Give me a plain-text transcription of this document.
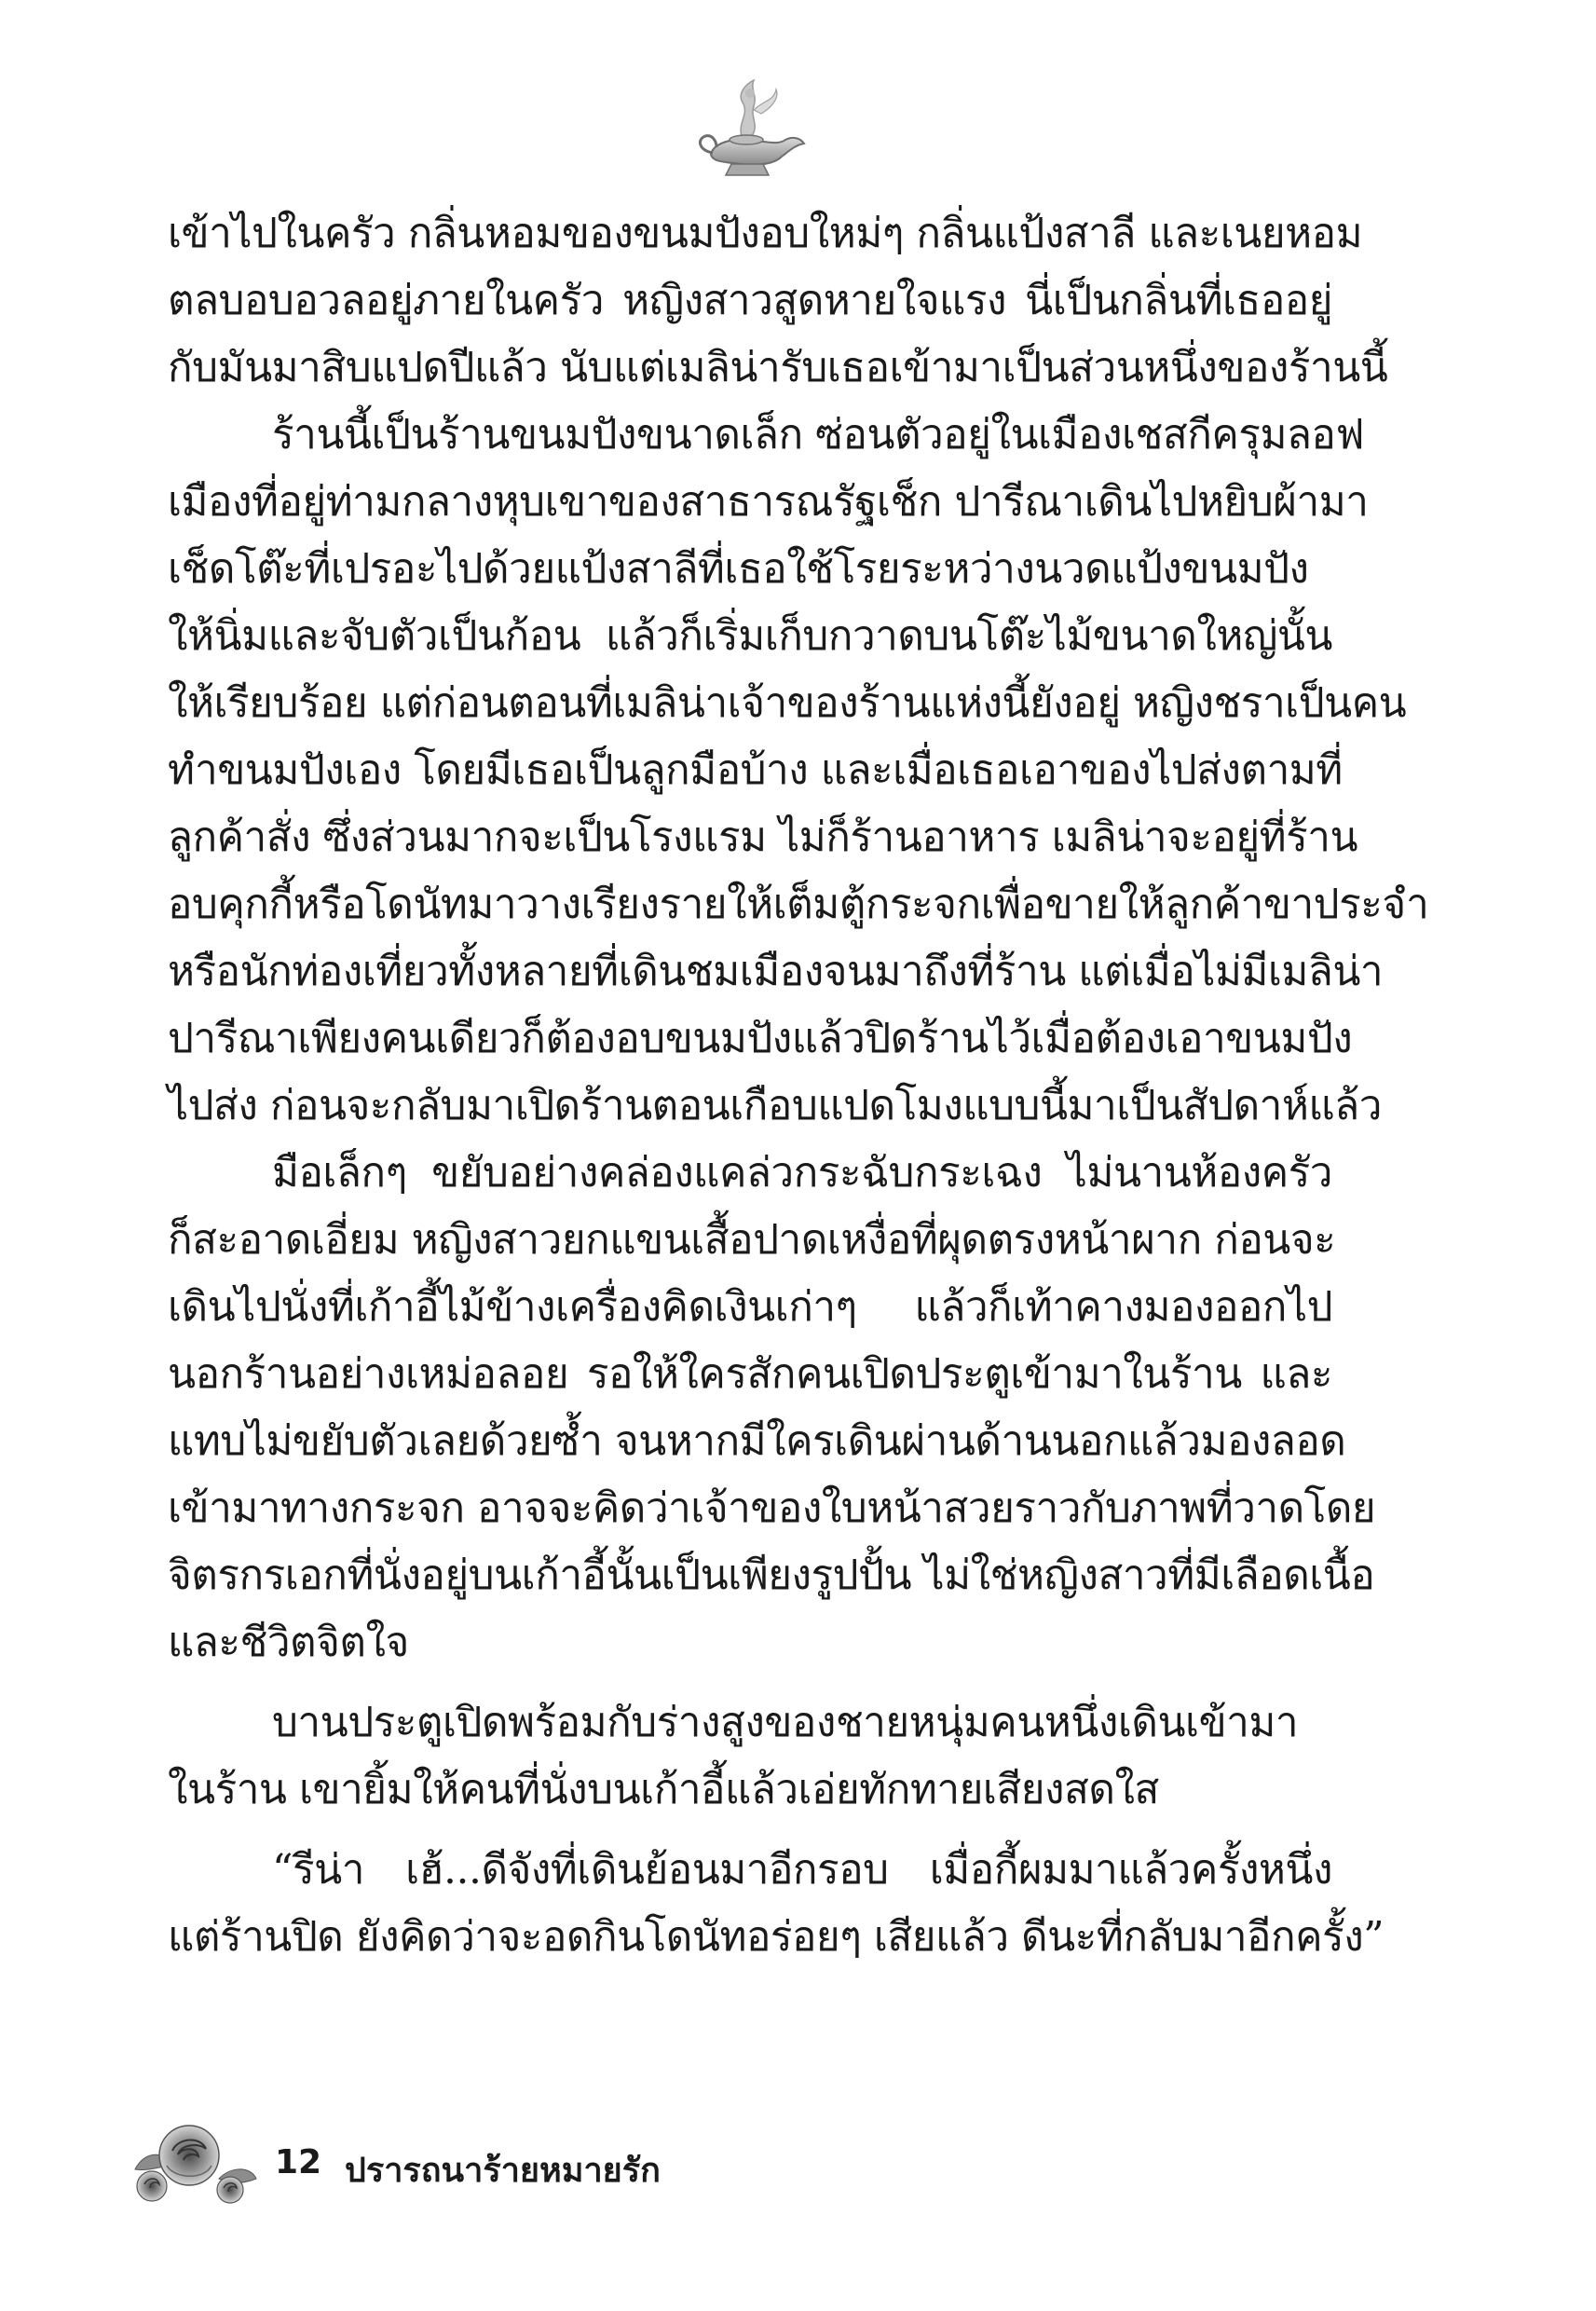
เข้าไปในครัว กลิ่นหอมของขนมปังอบใหม่ๆ กลิ่นแป้งสาลี และเนยหอม
ตลบอบอวลอยู่ภายในครัว หญิงสาวสูดหายใจแรง นี่เป็นกลิ่นที่เธออยู่
กับมันมาสิบแปดปีแล้ว นับแต่เมลิน่ารับเธอเข้ามาเป็นส่วนหนึ่งของร้านนี้
ร้านนี้เป็นร้านขนมปังขนาดเล็ก ซ่อนตัวอยู่ในเมืองเชสกีครุมลอฟ
เมืองที่อยู่ท่ามกลางหุบเขาของสาธารณรัฐเช็ก ปารีณาเดินไปหยิบผ้ามา
เช็ดโต๊ะที่เปรอะไปด้วยแป้งสาลีที่เธอใช้โรยระหว่างนวดแป้งขนมปัง
ให้นิ่มและจับตัวเป็นก้อน แล้วก็เริ่มเก็บกวาดบนโต๊ะไม้ขนาดใหญ่นั้น
ให้เรียบร้อย แต่ก่อนตอนที่เมลิน่าเจ้าของร้านแห่งนี้ยังอยู่ หญิงชราเป็นคน
ทำขนมปังเอง โดยมีเธอเป็นลูกมือบ้าง และเมื่อเธอเอาของไปส่งตามที่
ลูกค้าสั่ง ซึ่งส่วนมากจะเป็นโรงแรม ไม่ก็ร้านอาหาร เมลิน่าจะอยู่ที่ร้าน
อบคุกกี้หรือโดนัทมาวางเรียงรายให้เต็มตู้กระจกเพื่อขายให้ลูกค้าขาประจำ
หรือนักท่องเที่ยวทั้งหลายที่เดินชมเมืองจนมาถึงที่ร้าน แต่เมื่อไม่มีเมลิน่า
ปารีณาเพียงคนเดียวก็ต้องอบขนมปังแล้วปิดร้านไว้เมื่อต้องเอาขนมปัง
ไปส่ง ก่อนจะกลับมาเปิดร้านตอนเกือบแปดโมงแบบนี้มาเป็นสัปดาห์แล้ว
มือเล็กๆ ขยับอย่างคล่องแคล่วกระฉับกระเฉง ไม่นานห้องครัว
ก็สะอาดเอี่ยม หญิงสาวยกแขนเสื้อปาดเหงื่อที่ผุดตรงหน้าผาก ก่อนจะ
เดินไปนั่งที่เก้าอี้ไม้ข้างเครื่องคิดเงินเก่าๆ แล้วก็เท้าคางมองออกไป
นอกร้านอย่างเหม่อลอย รอให้ใครสักคนเปิดประตูเข้ามาในร้าน และ
แทบไม่ขยับตัวเลยด้วยซ้ำ จนหากมีใครเดินผ่านด้านนอกแล้วมองลอด
เข้ามาทางกระจก อาจจะคิดว่าเจ้าของใบหน้าสวยราวกับภาพที่วาดโดย
จิตรกรเอกที่นั่งอยู่บนเก้าอี้นั้นเป็นเพียงรูปปั้น ไม่ใช่หญิงสาวที่มีเลือดเนื้อ
และชีวิตจิตใจ
บานประตูเปิดพร้อมกับร่างสูงของชายหนุ่มคนหนึ่งเดินเข้ามา
ในร้าน เขายิ้มให้คนที่นั่งบนเก้าอี้แล้วเอ่ยทักทายเสียงสดใส
“รีน่า เฮ้...ดีจังที่เดินย้อนมาอีกรอบ เมื่อกี้ผมมาแล้วครั้งหนึ่ง
แต่ร้านปิด ยังคิดว่าจะอดกินโดนัทอร่อยๆ เสียแล้ว ดีนะที่กลับมาอีกครั้ง”
12 ปรารถนาร้ายหมายรัก
